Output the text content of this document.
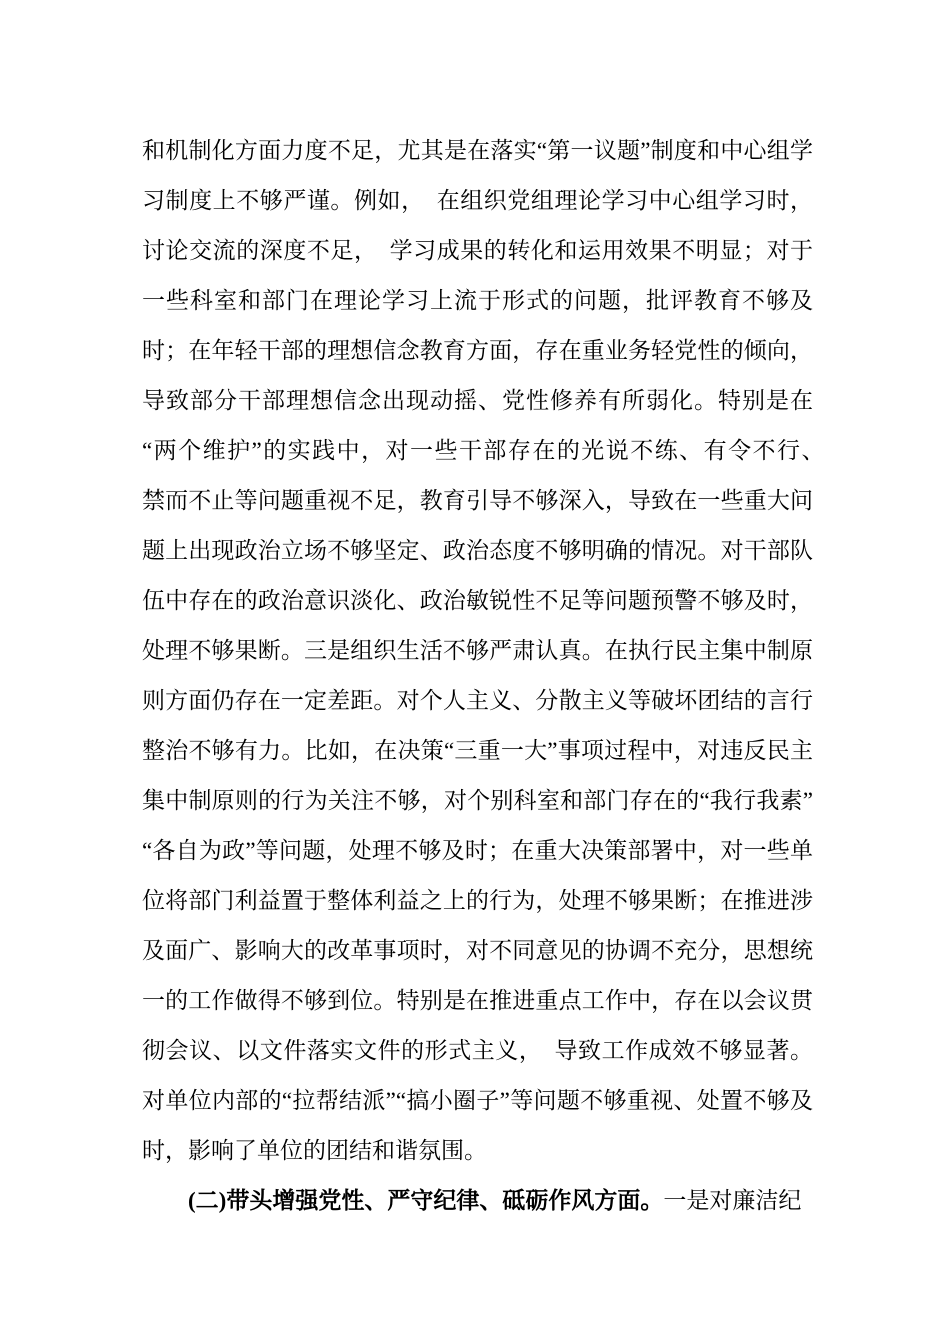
和机制化方面力度不足，尤其是在落实“第一议题”制度和中心组学习制度上不够严谨。例如，　在组织党组理论学习中心组学习时，讨论交流的深度不足，　学习成果的转化和运用效果不明显；对于一些科室和部门在理论学习上流于形式的问题，批评教育不够及时；在年轻干部的理想信念教育方面，存在重业务轻党性的倾向，导致部分干部理想信念出现动摇、党性修养有所弱化。特别是在“两个维护”的实践中，对一些干部存在的光说不练、有令不行、　禁而不止等问题重视不足，教育引导不够深入，导致在一些重大问题上出现政治立场不够坚定、政治态度不够明确的情况。对干部队伍中存在的政治意识淡化、政治敏锐性不足等问题预警不够及时，处理不够果断。三是组织生活不够严肃认真。在执行民主集中制原则方面仍存在一定差距。对个人主义、分散主义等破坏团结的言行整治不够有力。比如，在决策“三重一大”事项过程中，对违反民主集中制原则的行为关注不够，对个别科室和部门存在的“我行我素”“各自为政”等问题，处理不够及时；在重大决策部署中，对一些单位将部门利益置于整体利益之上的行为，处理不够果断；在推进涉及面广、影响大的改革事项时，对不同意见的协调不充分，思想统一的工作做得不够到位。特别是在推进重点工作中，存在以会议贯彻会议、以文件落实文件的形式主义，　导致工作成效不够显著。对单位内部的“拉帮结派”“搞小圈子”等问题不够重视、处置不够及时，影响了单位的团结和谐氛围。

(二)带头增强党性、严守纪律、砥砺作风方面。一是对廉洁纪
